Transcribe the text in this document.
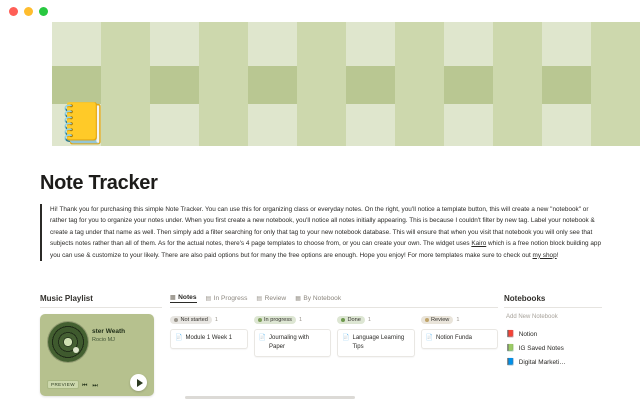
📒
Note Tracker
Hi! Thank you for purchasing this simple Note Tracker. You can use this for organizing class or everyday notes. On the right, you'll notice a template button, this will create a new "notebook" or rather tag for you to organize your notes under. When you first create a new notebook, you'll notice all notes initially appearing. This is because I couldn't filter by new tag. Label your notebook & create a tag under that name as well. Then simply add a filter searching for only that tag to your new notebook database. This will ensure that when you visit that notebook you will only see that subjects notes rather than all of them. As for the actual notes, there's 4 page templates to choose from, or you can create your own. The widget uses Kairo which is a free notion block building app you can use & customize to your likely. There are also paid options but for many the free options are enough. Hope you enjoy! For more templates make sure to check out my shop!
Music Playlist
ster Weath
Rocio MJ
PREVIEW	⏮ ⏭
▦ Notes ▤ In Progress ▤ Review ▦ By Notebook
Not started 1
📄 Module 1 Week 1
In progress 1
📄 Journaling with Paper
Done 1
📄 Language Learning Tips
Review 1
📄 Notion Funda
Notebooks
Add New Notebook
📕 Notion
📗 IG Saved Notes
📘 Digital Marketi…
